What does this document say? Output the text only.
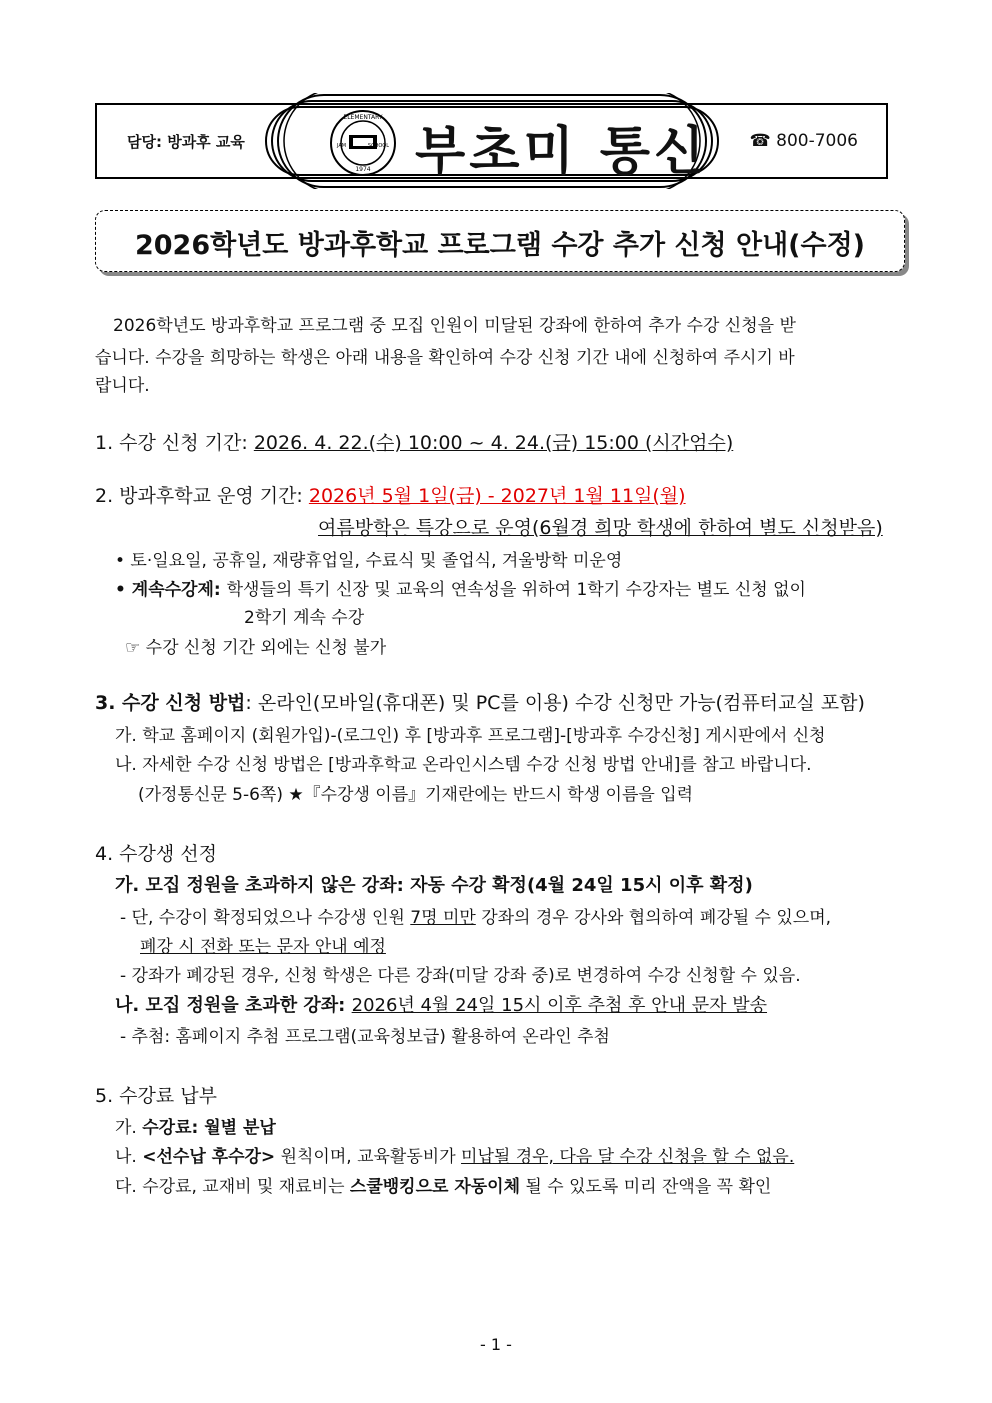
담당: 방과후 교육
ELEMENTARY
JAM	SCHOOL
1974 부초미 통신 ☎ 800-7006
2026학년도 방과후학교 프로그램 수강 추가 신청 안내(수정)
2026학년도 방과후학교 프로그램 중 모집 인원이 미달된 강좌에 한하여 추가 수강 신청을 받
습니다. 수강을 희망하는 학생은 아래 내용을 확인하여 수강 신청 기간 내에 신청하여 주시기 바
랍니다.
1. 수강 신청 기간: 2026. 4. 22.(수) 10:00 ~ 4. 24.(금) 15:00 (시간엄수)
2. 방과후학교 운영 기간: 2026년 5월 1일(금) - 2027년 1월 11일(월)
여름방학은 특강으로 운영(6월경 희망 학생에 한하여 별도 신청받음)
• 토·일요일, 공휴일, 재량휴업일, 수료식 및 졸업식, 겨울방학 미운영
• 계속수강제: 학생들의 특기 신장 및 교육의 연속성을 위하여 1학기 수강자는 별도 신청 없이
2학기 계속 수강
☞ 수강 신청 기간 외에는 신청 불가
3. 수강 신청 방법: 온라인(모바일(휴대폰) 및 PC를 이용) 수강 신청만 가능(컴퓨터교실 포함)
가. 학교 홈페이지 (회원가입)-(로그인) 후 [방과후 프로그램]-[방과후 수강신청] 게시판에서 신청
나. 자세한 수강 신청 방법은 [방과후학교 온라인시스템 수강 신청 방법 안내]를 참고 바랍니다.
(가정통신문 5-6쪽) ★『수강생 이름』기재란에는 반드시 학생 이름을 입력
4. 수강생 선정
가. 모집 정원을 초과하지 않은 강좌: 자동 수강 확정(4월 24일 15시 이후 확정)
- 단, 수강이 확정되었으나 수강생 인원 7명 미만 강좌의 경우 강사와 협의하여 폐강될 수 있으며,
폐강 시 전화 또는 문자 안내 예정
- 강좌가 폐강된 경우, 신청 학생은 다른 강좌(미달 강좌 중)로 변경하여 수강 신청할 수 있음.
나. 모집 정원을 초과한 강좌: 2026년 4월 24일 15시 이후 추첨 후 안내 문자 발송
- 추첨: 홈페이지 추첨 프로그램(교육청보급) 활용하여 온라인 추첨
5. 수강료 납부
가. 수강료: 월별 분납
나. <선수납 후수강> 원칙이며, 교육활동비가 미납될 경우, 다음 달 수강 신청을 할 수 없음.
다. 수강료, 교재비 및 재료비는 스쿨뱅킹으로 자동이체 될 수 있도록 미리 잔액을 꼭 확인
- 1 -
